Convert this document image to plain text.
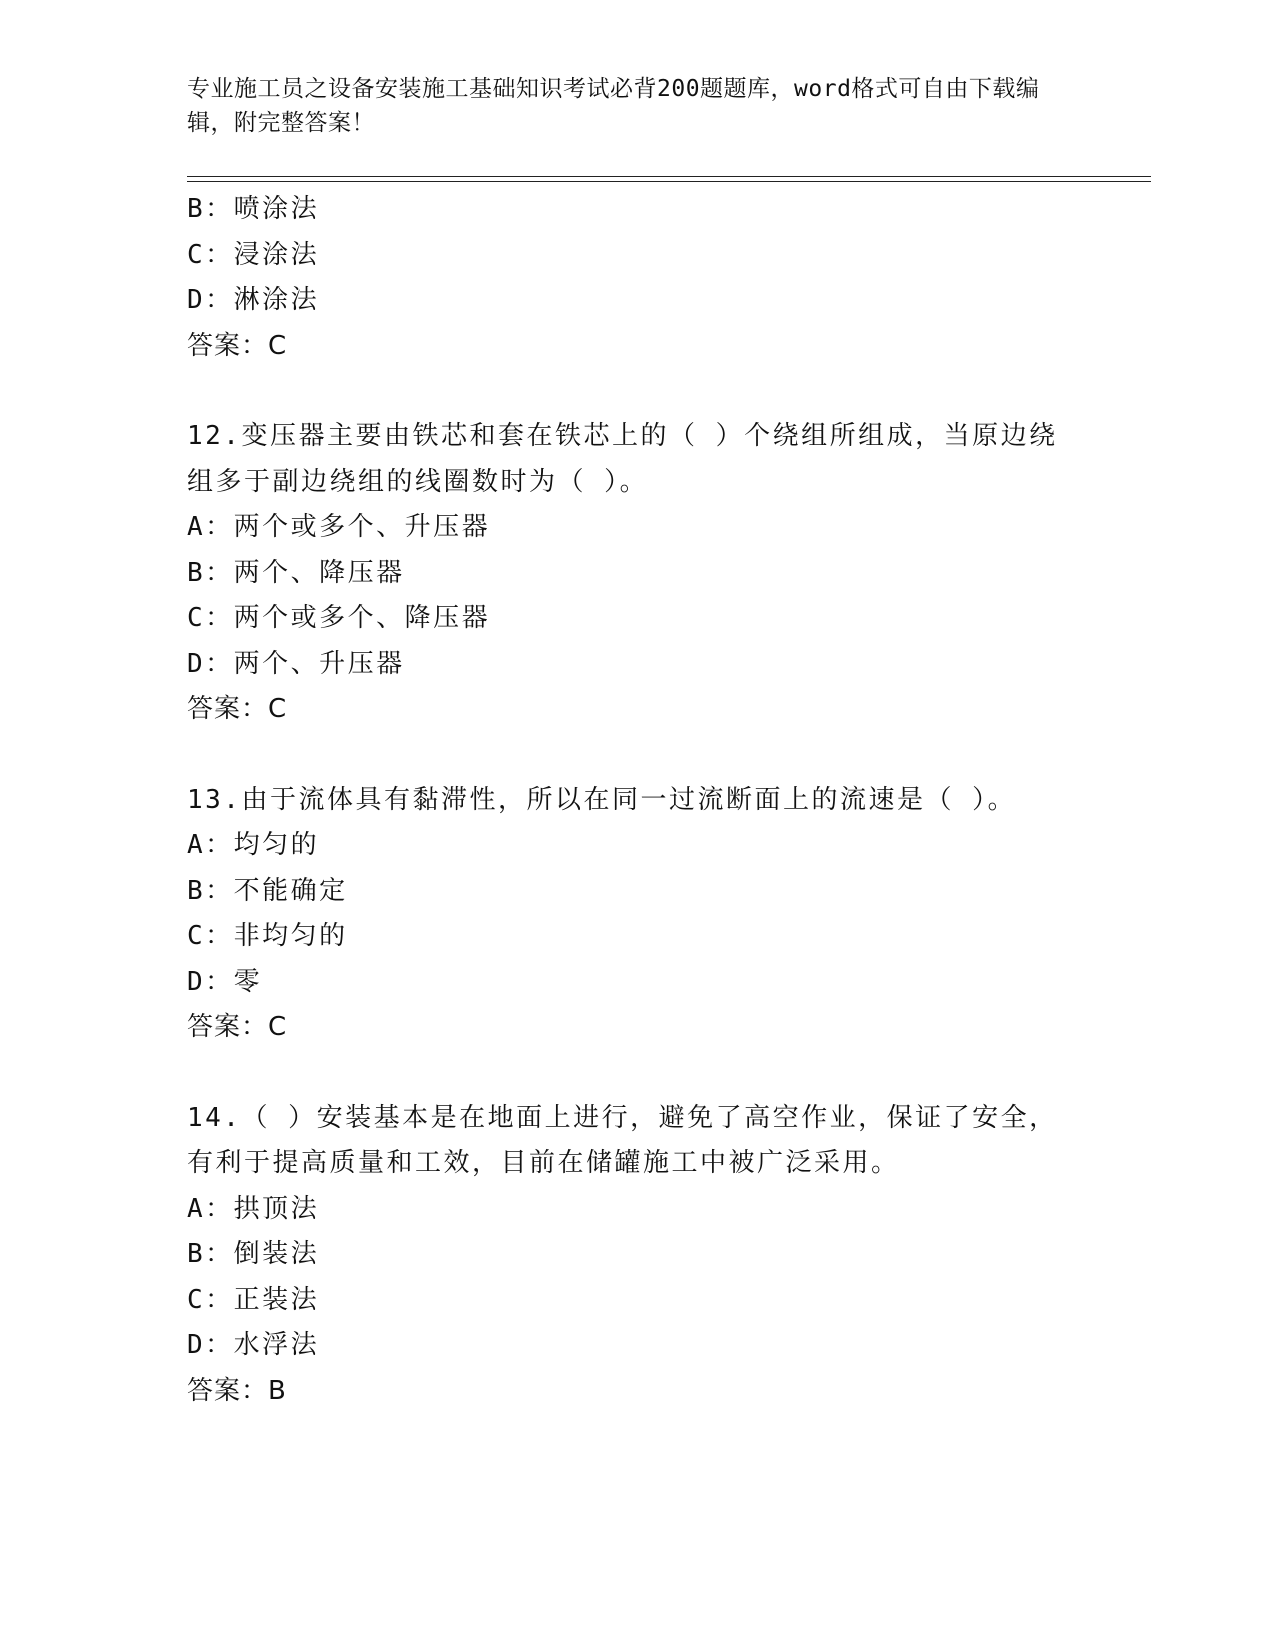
专业施工员之设备安装施工基础知识考试必背200题题库，word格式可自由下载编辑，附完整答案！
B：喷涂法
C：浸涂法
D：淋涂法
答案：C
12.变压器主要由铁芯和套在铁芯上的（ ）个绕组所组成，当原边绕
组多于副边绕组的线圈数时为（ ）。
A：两个或多个、升压器
B：两个、降压器
C：两个或多个、降压器
D：两个、升压器
答案：C
13.由于流体具有黏滞性，所以在同一过流断面上的流速是（ ）。
A：均匀的
B：不能确定
C：非均匀的
D：零
答案：C
14.（ ）安装基本是在地面上进行，避免了高空作业，保证了安全，
有利于提高质量和工效，目前在储罐施工中被广泛采用。
A：拱顶法
B：倒装法
C：正装法
D：水浮法
答案：B
